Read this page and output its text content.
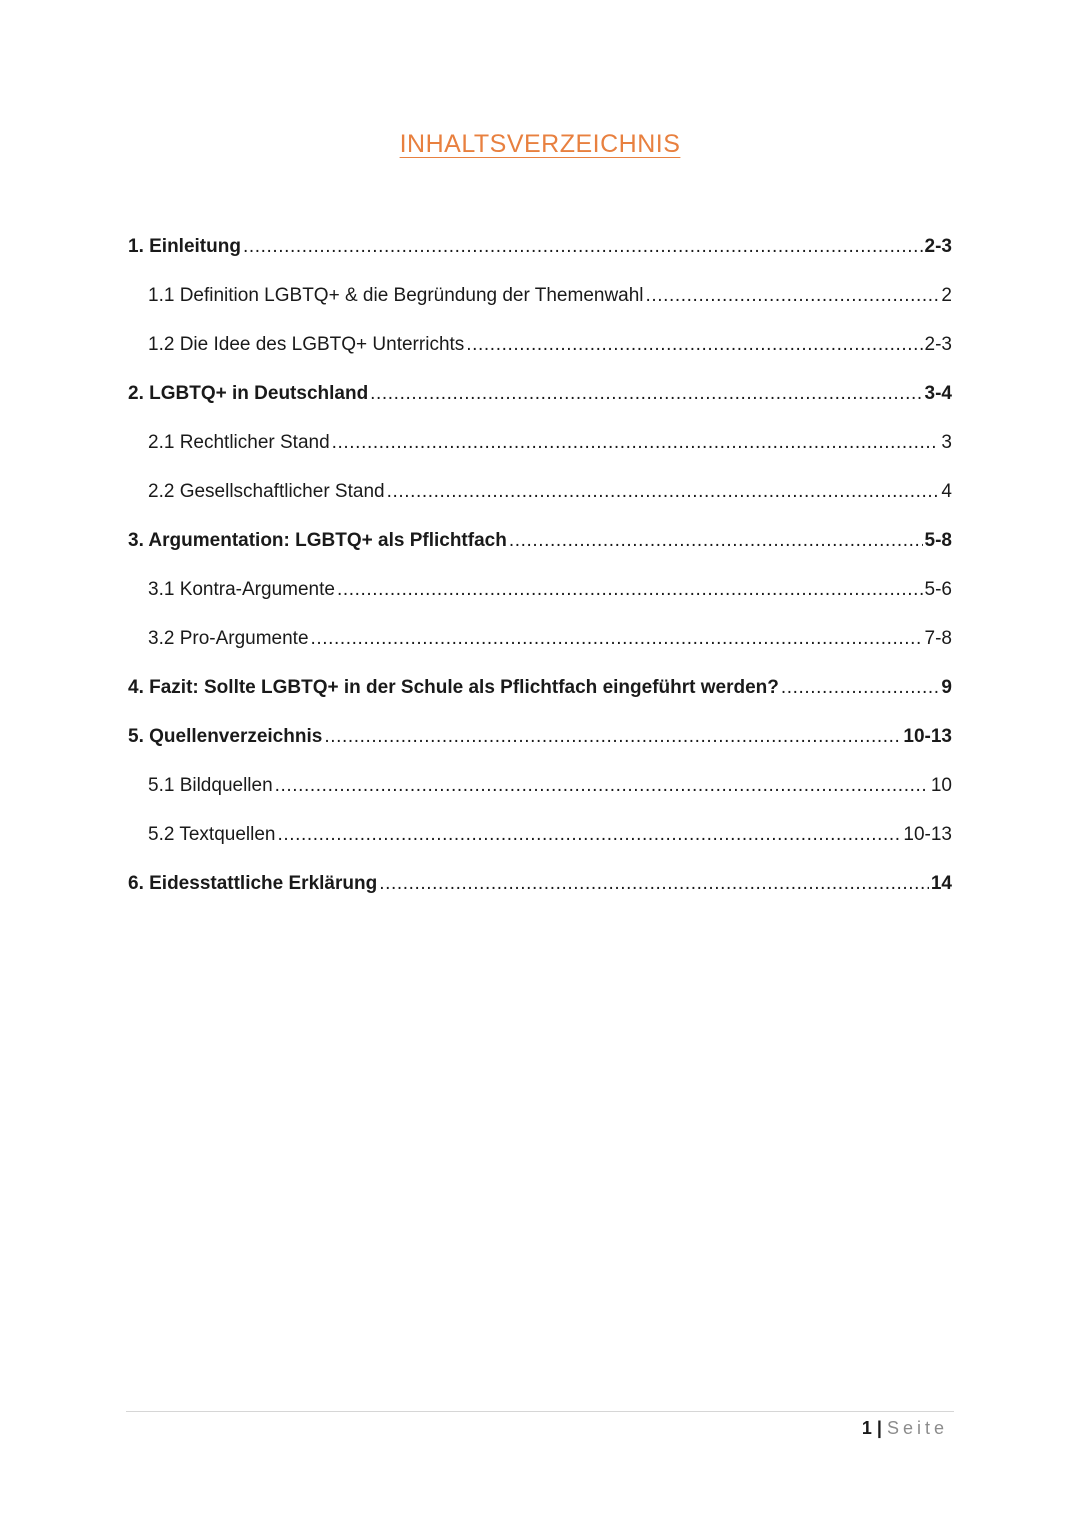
INHALTSVERZEICHNIS
1. Einleitung .....	2-3
1.1 Definition LGBTQ+ & die Begründung der Themenwahl .....	2
1.2 Die Idee des LGBTQ+ Unterrichts .....	2-3
2. LGBTQ+ in Deutschland .....	3-4
2.1 Rechtlicher Stand .....	3
2.2 Gesellschaftlicher Stand .....	4
3. Argumentation: LGBTQ+ als Pflichtfach .....	5-8
3.1 Kontra-Argumente .....	5-6
3.2 Pro-Argumente .....	7-8
4. Fazit: Sollte LGBTQ+ in der Schule als Pflichtfach eingeführt werden? .....	9
5. Quellenverzeichnis .....	10-13
5.1 Bildquellen .....	10
5.2 Textquellen .....	10-13
6. Eidesstattliche Erklärung .....	14
1 | Seite
